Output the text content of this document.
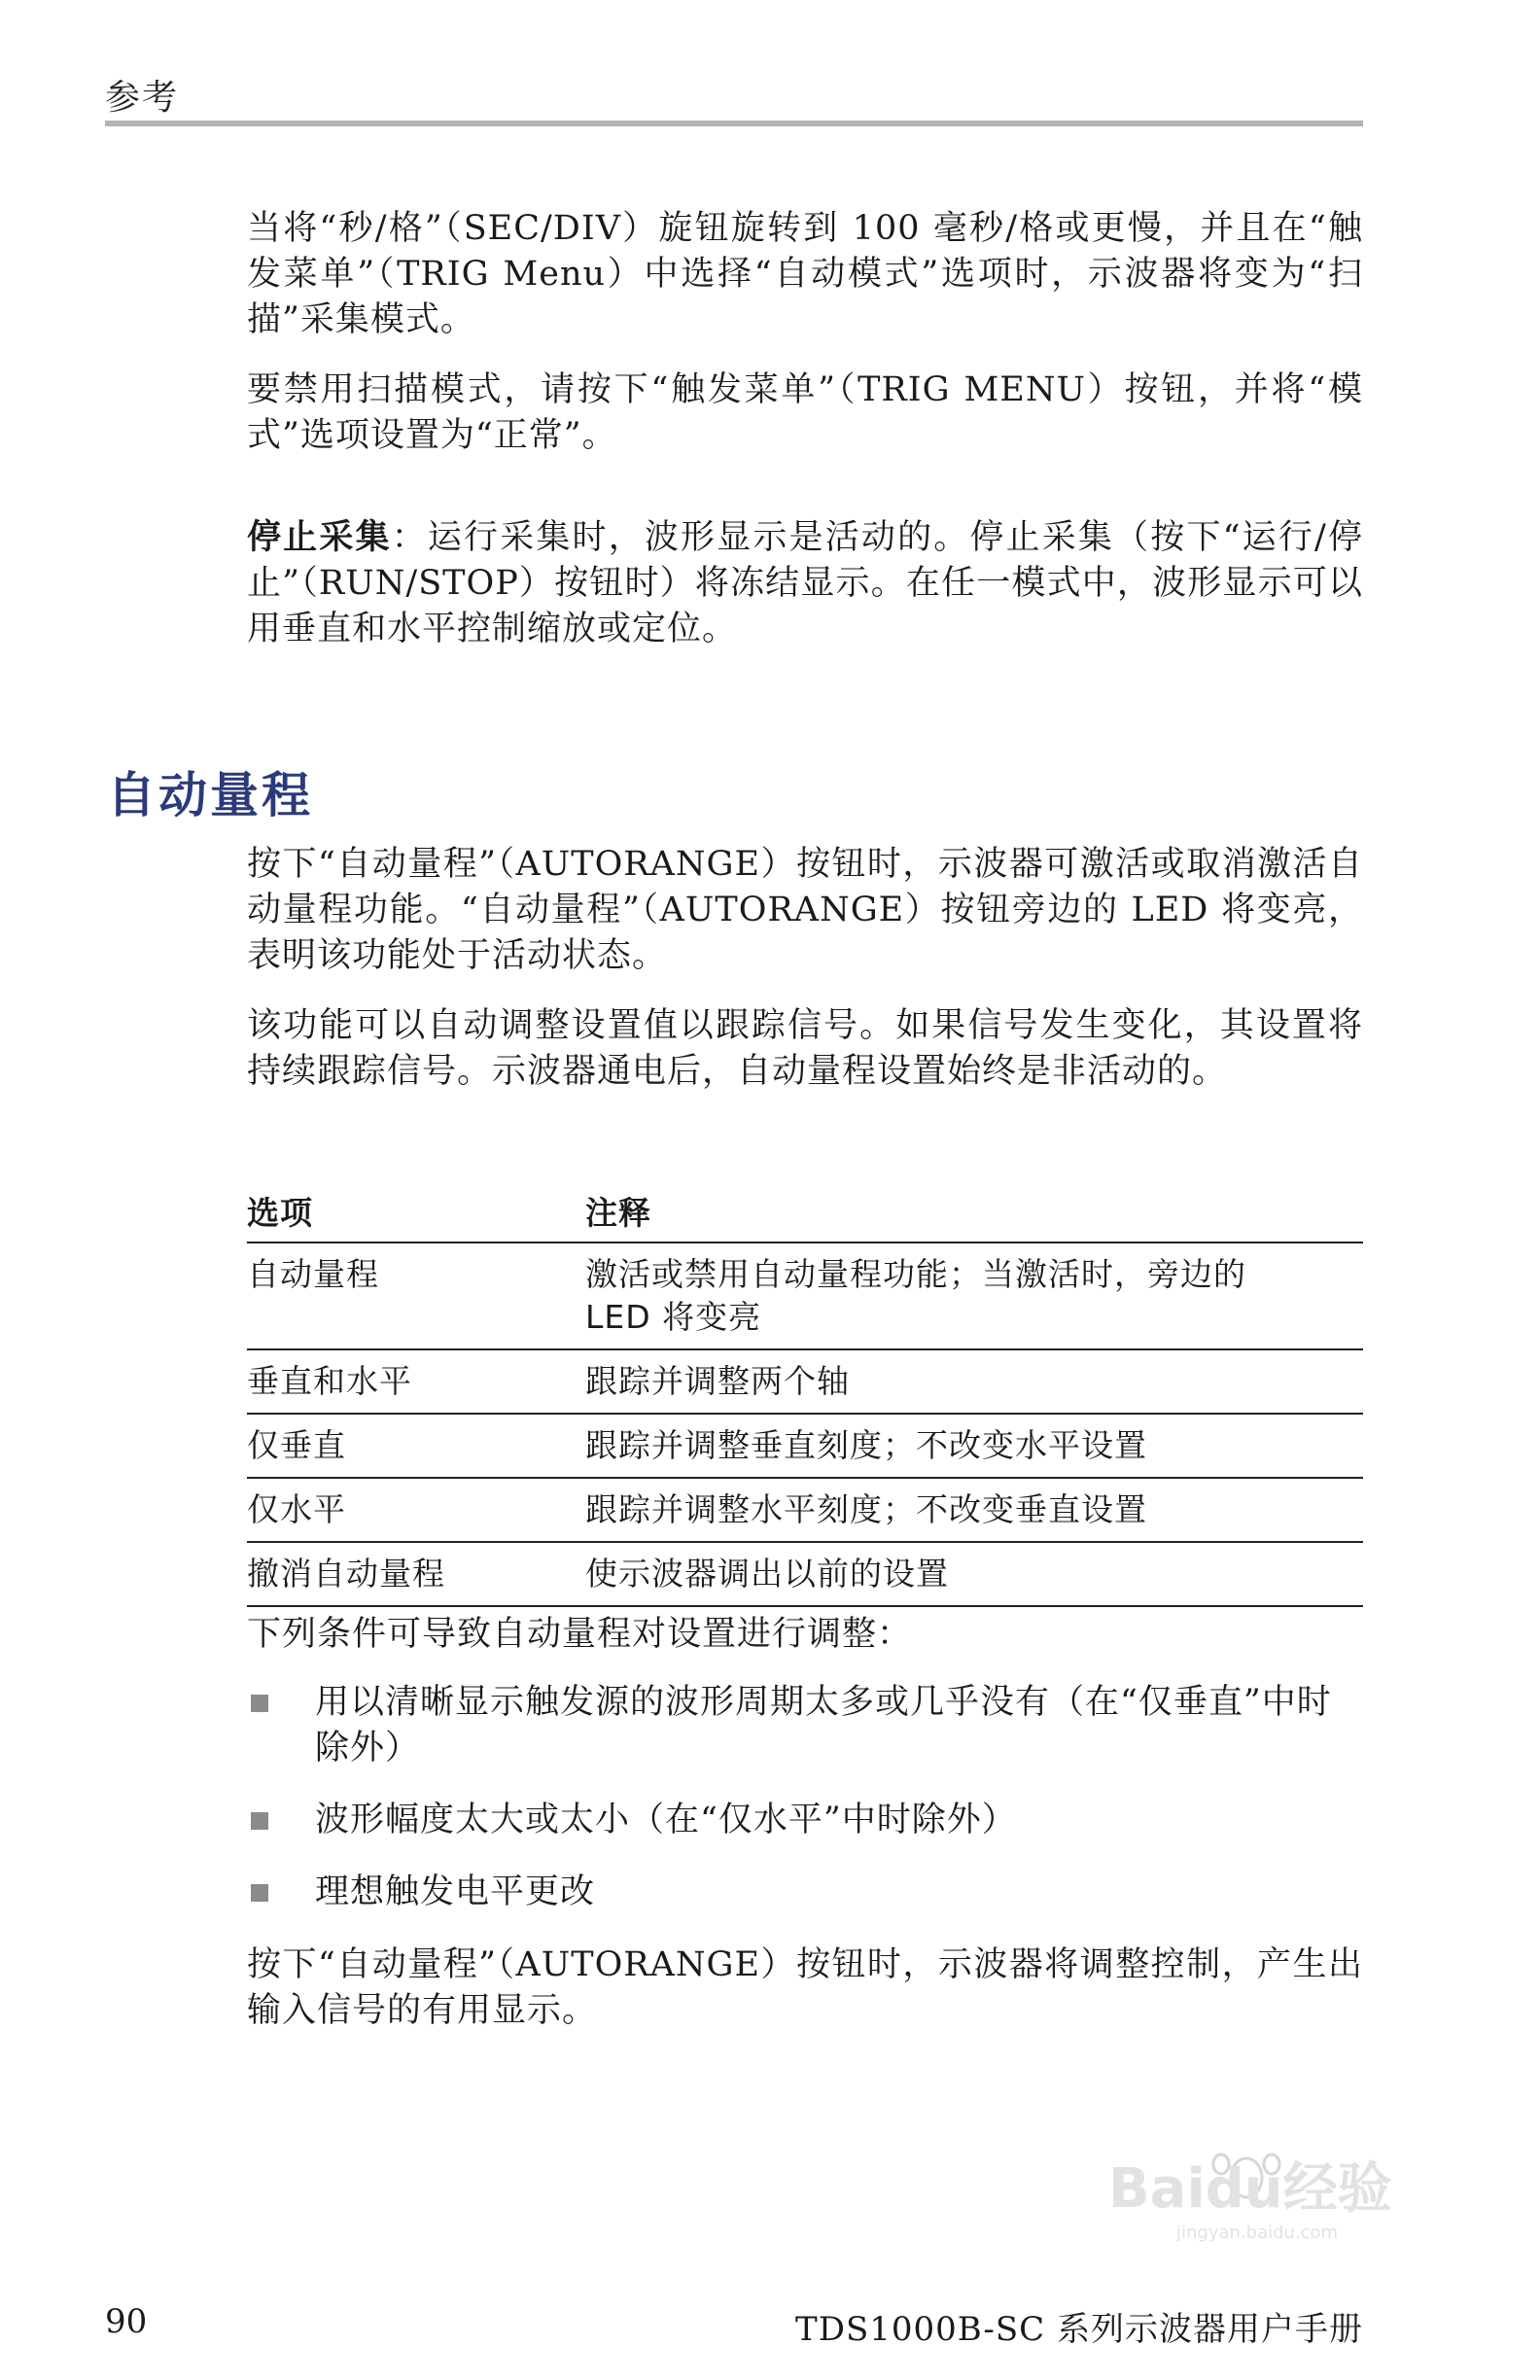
参考

当将“秒/格”（SEC/DIV）旋钮旋转到 100 毫秒/格或更慢，并且在“触发菜单”（TRIG Menu）中选择“自动模式”选项时，示波器将变为“扫描”采集模式。

要禁用扫描模式，请按下“触发菜单”（TRIG MENU）按钮，并将“模式”选项设置为“正常”。

停止采集：运行采集时，波形显示是活动的。停止采集（按下“运行/停止”（RUN/STOP）按钮时）将冻结显示。在任一模式中，波形显示可以用垂直和水平控制缩放或定位。

自动量程

按下“自动量程”（AUTORANGE）按钮时，示波器可激活或取消激活自动量程功能。“自动量程”（AUTORANGE）按钮旁边的 LED 将变亮，表明该功能处于活动状态。

该功能可以自动调整设置值以跟踪信号。如果信号发生变化，其设置将持续跟踪信号。示波器通电后，自动量程设置始终是非活动的。

选项	注释
自动量程	激活或禁用自动量程功能；当激活时，旁边的 LED 将变亮

垂直和水平	跟踪并调整两个轴
仅垂直	跟踪并调整垂直刻度；不改变水平设置
仅水平	跟踪并调整水平刻度；不改变垂直设置
撤消自动量程	使示波器调出以前的设置

下列条件可导致自动量程对设置进行调整：

用以清晰显示触发源的波形周期太多或几乎没有（在“仅垂直”中时除外）
波形幅度太大或太小（在“仅水平”中时除外）
理想触发电平更改

按下“自动量程”（AUTORANGE）按钮时，示波器将调整控制，产生出输入信号的有用显示。

Baidu经验
jingyan.baidu.com
90	TDS1000B-SC 系列示波器用户手册
